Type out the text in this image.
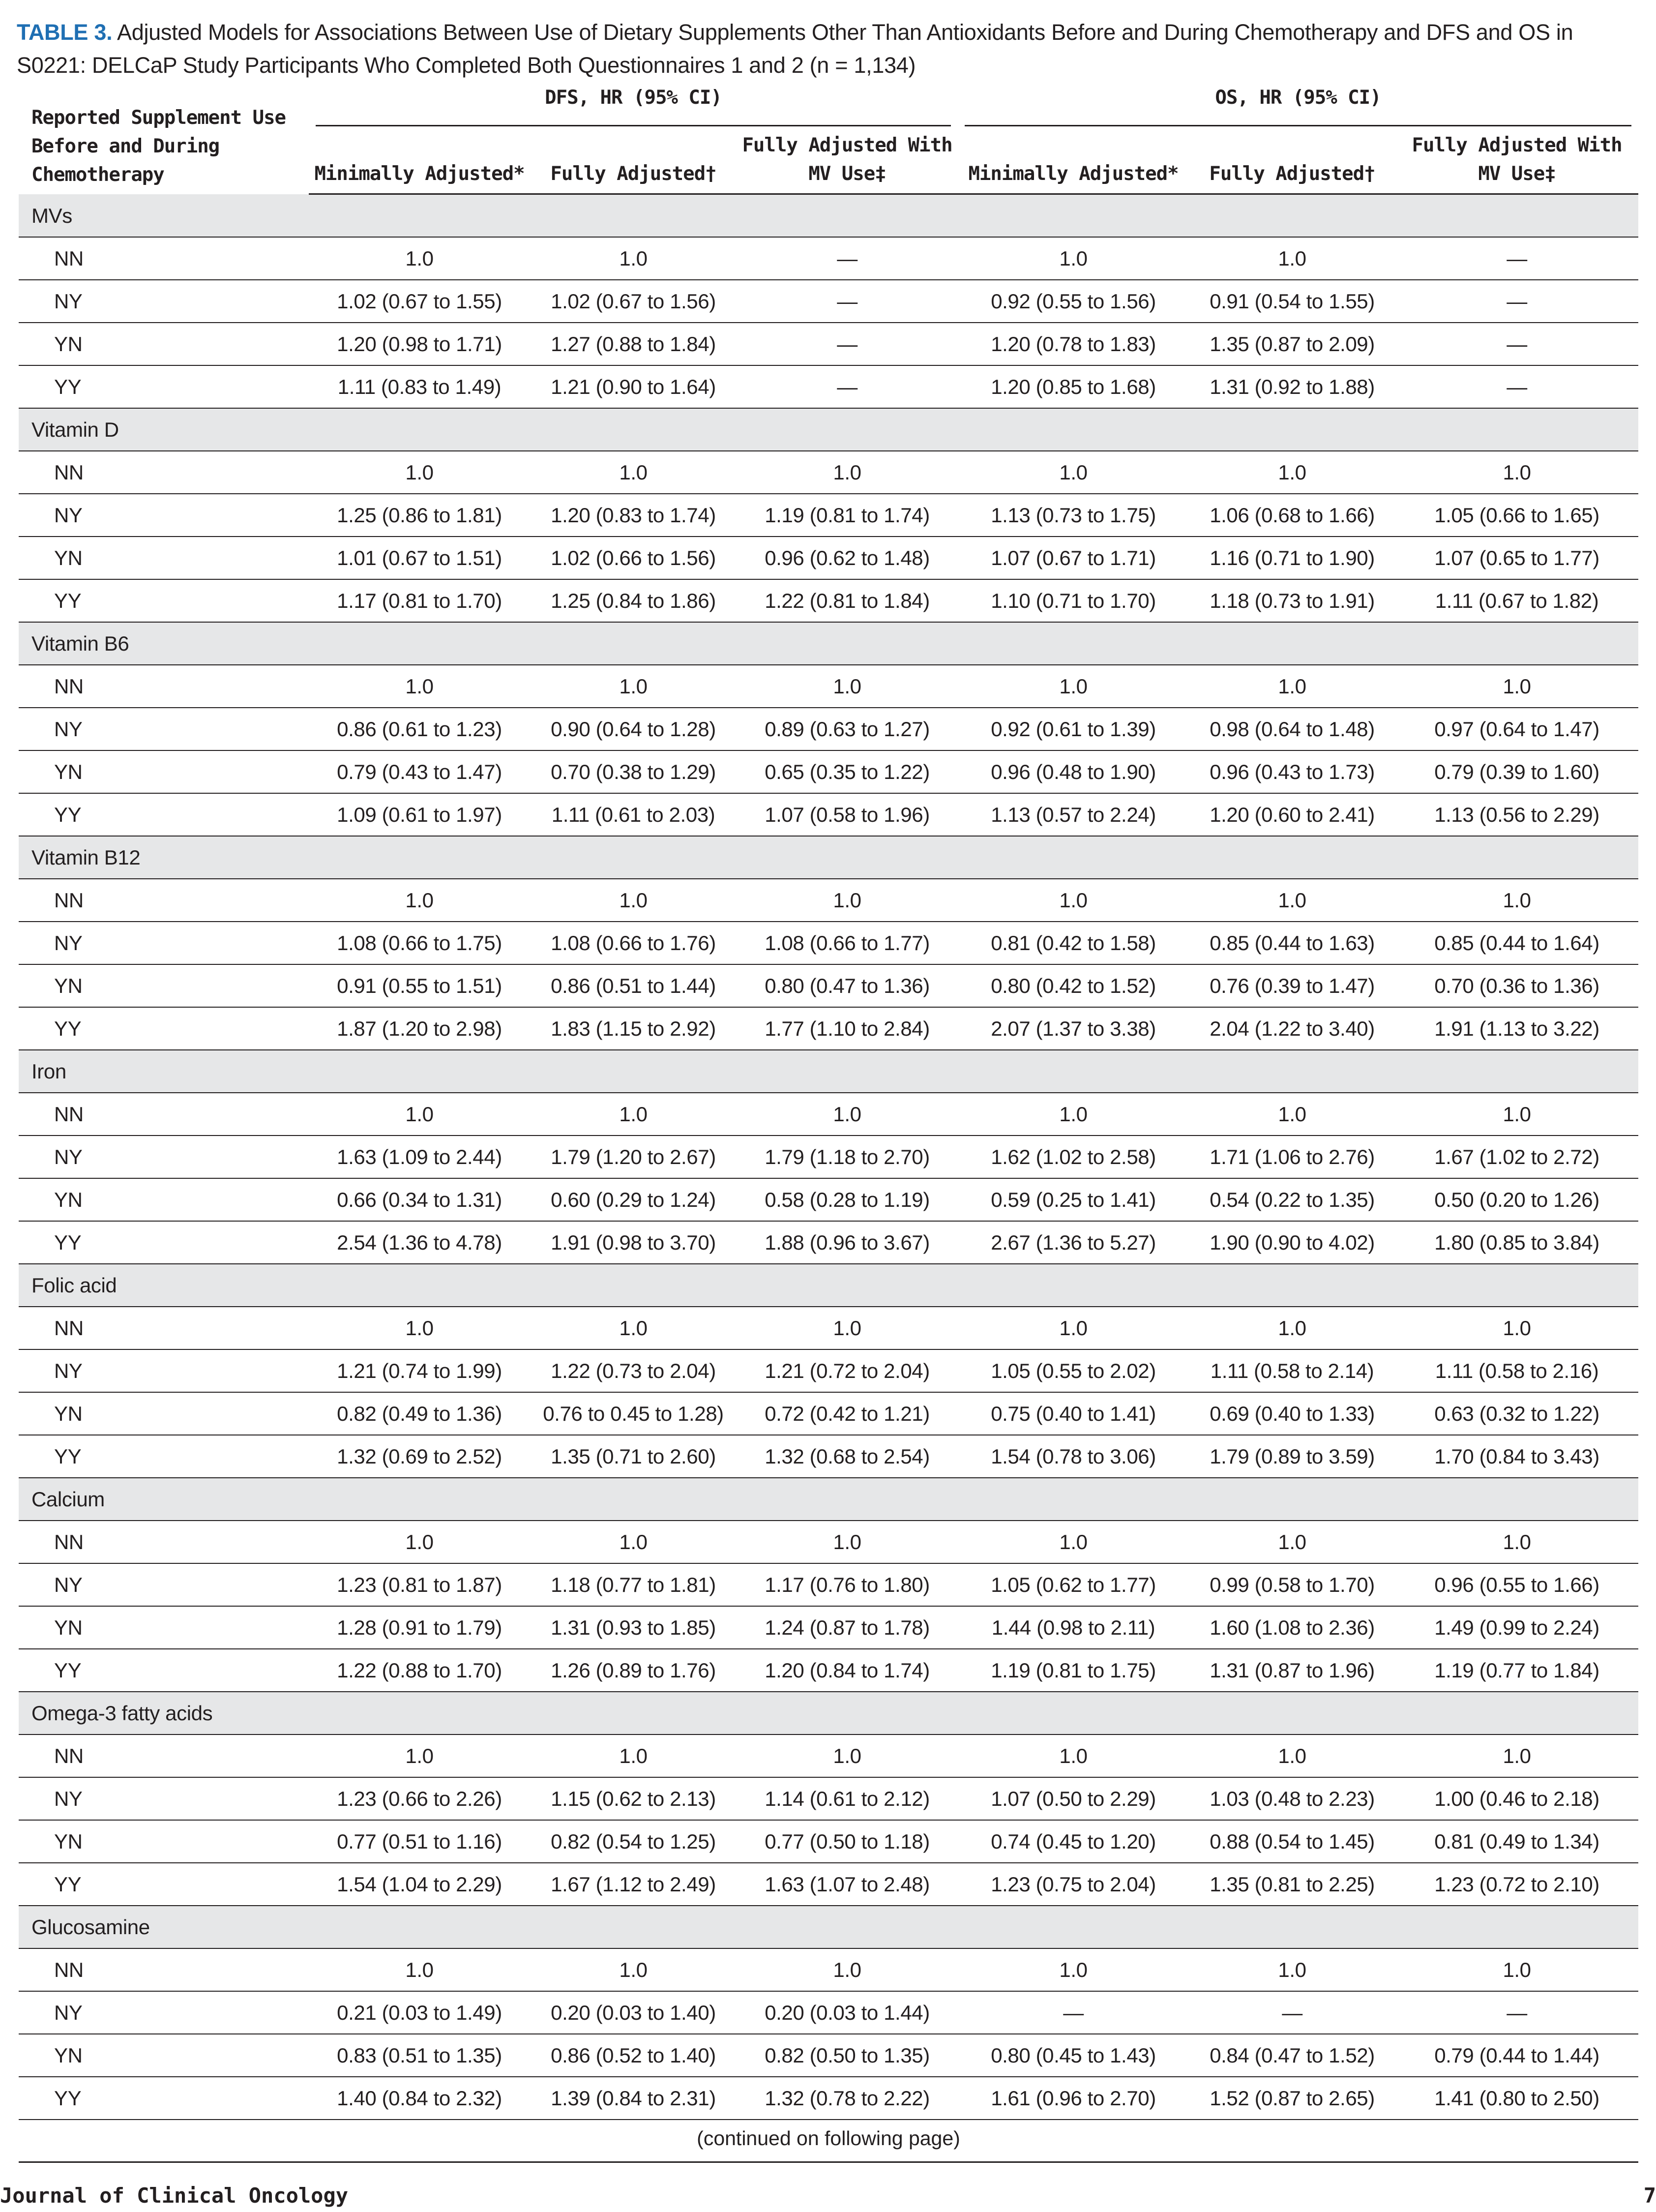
TABLE 3. Adjusted Models for Associations Between Use of Dietary Supplements Other Than Antioxidants Before and During Chemotherapy and DFS and OS in S0221: DELCaP Study Participants Who Completed Both Questionnaires 1 and 2 (n = 1,134)
Reported Supplement Use Before and During Chemotherapy	DFS, HR (95% CI)			OS, HR (95% CI)		

	Minimally Adjusted*	Fully Adjusted†	Fully Adjusted With MV Use‡	Minimally Adjusted*	Fully Adjusted†	Fully Adjusted With MV Use‡
MVs						
NN	1.0	1.0	—	1.0	1.0	—
NY	1.02 (0.67 to 1.55)	1.02 (0.67 to 1.56)	—	0.92 (0.55 to 1.56)	0.91 (0.54 to 1.55)	—
YN	1.20 (0.98 to 1.71)	1.27 (0.88 to 1.84)	—	1.20 (0.78 to 1.83)	1.35 (0.87 to 2.09)	—
YY	1.11 (0.83 to 1.49)	1.21 (0.90 to 1.64)	—	1.20 (0.85 to 1.68)	1.31 (0.92 to 1.88)	—
Vitamin D						
NN	1.0	1.0	1.0	1.0	1.0	1.0
NY	1.25 (0.86 to 1.81)	1.20 (0.83 to 1.74)	1.19 (0.81 to 1.74)	1.13 (0.73 to 1.75)	1.06 (0.68 to 1.66)	1.05 (0.66 to 1.65)
YN	1.01 (0.67 to 1.51)	1.02 (0.66 to 1.56)	0.96 (0.62 to 1.48)	1.07 (0.67 to 1.71)	1.16 (0.71 to 1.90)	1.07 (0.65 to 1.77)
YY	1.17 (0.81 to 1.70)	1.25 (0.84 to 1.86)	1.22 (0.81 to 1.84)	1.10 (0.71 to 1.70)	1.18 (0.73 to 1.91)	1.11 (0.67 to 1.82)
Vitamin B6						
NN	1.0	1.0	1.0	1.0	1.0	1.0
NY	0.86 (0.61 to 1.23)	0.90 (0.64 to 1.28)	0.89 (0.63 to 1.27)	0.92 (0.61 to 1.39)	0.98 (0.64 to 1.48)	0.97 (0.64 to 1.47)
YN	0.79 (0.43 to 1.47)	0.70 (0.38 to 1.29)	0.65 (0.35 to 1.22)	0.96 (0.48 to 1.90)	0.96 (0.43 to 1.73)	0.79 (0.39 to 1.60)
YY	1.09 (0.61 to 1.97)	1.11 (0.61 to 2.03)	1.07 (0.58 to 1.96)	1.13 (0.57 to 2.24)	1.20 (0.60 to 2.41)	1.13 (0.56 to 2.29)
Vitamin B12						
NN	1.0	1.0	1.0	1.0	1.0	1.0
NY	1.08 (0.66 to 1.75)	1.08 (0.66 to 1.76)	1.08 (0.66 to 1.77)	0.81 (0.42 to 1.58)	0.85 (0.44 to 1.63)	0.85 (0.44 to 1.64)
YN	0.91 (0.55 to 1.51)	0.86 (0.51 to 1.44)	0.80 (0.47 to 1.36)	0.80 (0.42 to 1.52)	0.76 (0.39 to 1.47)	0.70 (0.36 to 1.36)
YY	1.87 (1.20 to 2.98)	1.83 (1.15 to 2.92)	1.77 (1.10 to 2.84)	2.07 (1.37 to 3.38)	2.04 (1.22 to 3.40)	1.91 (1.13 to 3.22)
Iron						
NN	1.0	1.0	1.0	1.0	1.0	1.0
NY	1.63 (1.09 to 2.44)	1.79 (1.20 to 2.67)	1.79 (1.18 to 2.70)	1.62 (1.02 to 2.58)	1.71 (1.06 to 2.76)	1.67 (1.02 to 2.72)
YN	0.66 (0.34 to 1.31)	0.60 (0.29 to 1.24)	0.58 (0.28 to 1.19)	0.59 (0.25 to 1.41)	0.54 (0.22 to 1.35)	0.50 (0.20 to 1.26)
YY	2.54 (1.36 to 4.78)	1.91 (0.98 to 3.70)	1.88 (0.96 to 3.67)	2.67 (1.36 to 5.27)	1.90 (0.90 to 4.02)	1.80 (0.85 to 3.84)
Folic acid						
NN	1.0	1.0	1.0	1.0	1.0	1.0
NY	1.21 (0.74 to 1.99)	1.22 (0.73 to 2.04)	1.21 (0.72 to 2.04)	1.05 (0.55 to 2.02)	1.11 (0.58 to 2.14)	1.11 (0.58 to 2.16)
YN	0.82 (0.49 to 1.36)	0.76 to 0.45 to 1.28)	0.72 (0.42 to 1.21)	0.75 (0.40 to 1.41)	0.69 (0.40 to 1.33)	0.63 (0.32 to 1.22)
YY	1.32 (0.69 to 2.52)	1.35 (0.71 to 2.60)	1.32 (0.68 to 2.54)	1.54 (0.78 to 3.06)	1.79 (0.89 to 3.59)	1.70 (0.84 to 3.43)
Calcium						
NN	1.0	1.0	1.0	1.0	1.0	1.0
NY	1.23 (0.81 to 1.87)	1.18 (0.77 to 1.81)	1.17 (0.76 to 1.80)	1.05 (0.62 to 1.77)	0.99 (0.58 to 1.70)	0.96 (0.55 to 1.66)
YN	1.28 (0.91 to 1.79)	1.31 (0.93 to 1.85)	1.24 (0.87 to 1.78)	1.44 (0.98 to 2.11)	1.60 (1.08 to 2.36)	1.49 (0.99 to 2.24)
YY	1.22 (0.88 to 1.70)	1.26 (0.89 to 1.76)	1.20 (0.84 to 1.74)	1.19 (0.81 to 1.75)	1.31 (0.87 to 1.96)	1.19 (0.77 to 1.84)
Omega-3 fatty acids						
NN	1.0	1.0	1.0	1.0	1.0	1.0
NY	1.23 (0.66 to 2.26)	1.15 (0.62 to 2.13)	1.14 (0.61 to 2.12)	1.07 (0.50 to 2.29)	1.03 (0.48 to 2.23)	1.00 (0.46 to 2.18)
YN	0.77 (0.51 to 1.16)	0.82 (0.54 to 1.25)	0.77 (0.50 to 1.18)	0.74 (0.45 to 1.20)	0.88 (0.54 to 1.45)	0.81 (0.49 to 1.34)
YY	1.54 (1.04 to 2.29)	1.67 (1.12 to 2.49)	1.63 (1.07 to 2.48)	1.23 (0.75 to 2.04)	1.35 (0.81 to 2.25)	1.23 (0.72 to 2.10)
Glucosamine						
NN	1.0	1.0	1.0	1.0	1.0	1.0
NY	0.21 (0.03 to 1.49)	0.20 (0.03 to 1.40)	0.20 (0.03 to 1.44)	—	—	—
YN	0.83 (0.51 to 1.35)	0.86 (0.52 to 1.40)	0.82 (0.50 to 1.35)	0.80 (0.45 to 1.43)	0.84 (0.47 to 1.52)	0.79 (0.44 to 1.44)
YY	1.40 (0.84 to 2.32)	1.39 (0.84 to 2.31)	1.32 (0.78 to 2.22)	1.61 (0.96 to 2.70)	1.52 (0.87 to 2.65)	1.41 (0.80 to 2.50)
(continued on following page)
Journal of Clinical Oncology	7
